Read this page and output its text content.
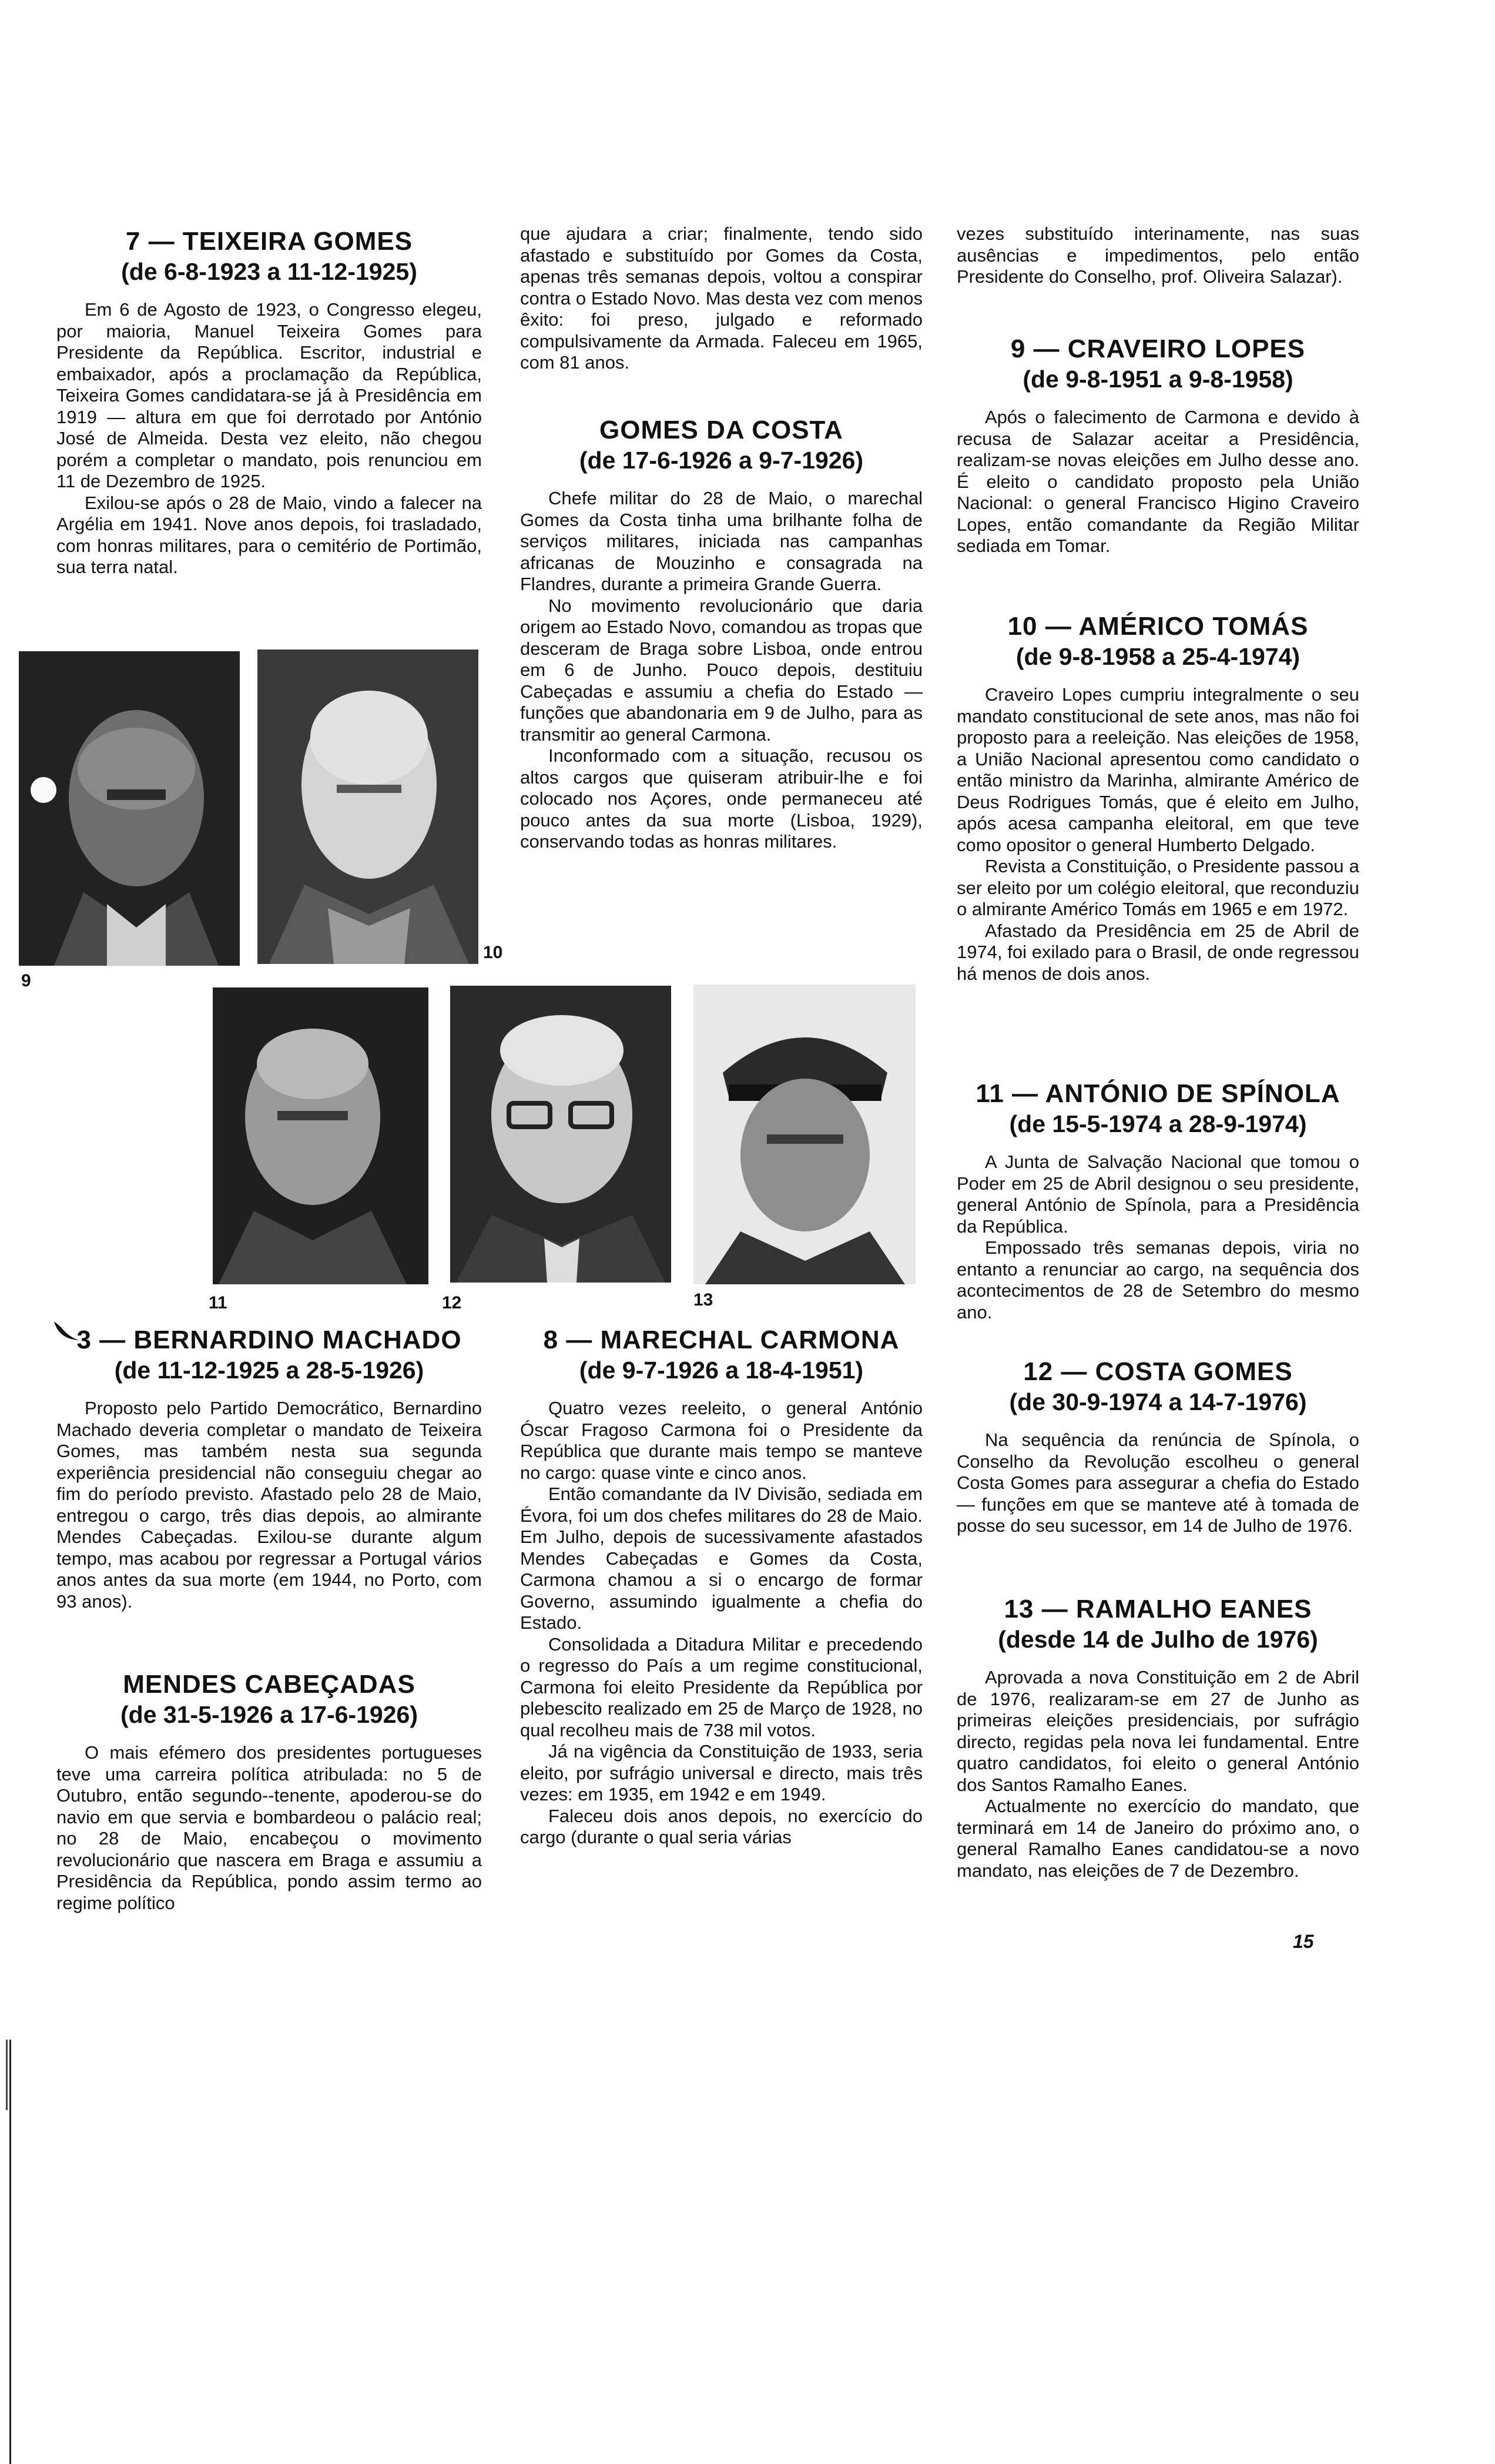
7 — TEIXEIRA GOMES
(de 6-8-1923 a 11-12-1925)

Em 6 de Agosto de 1923, o Congresso elegeu, por maioria, Manuel Teixeira Gomes para Presidente da República. Escritor, industrial e embaixador, após a proclamação da República, Teixeira Gomes candidatara-se já à Presidência em 1919 — altura em que foi derrotado por António José de Almeida. Desta vez eleito, não chegou porém a completar o mandato, pois renunciou em 11 de Dezembro de 1925.

Exilou-se após o 28 de Maio, vindo a falecer na Argélia em 1941. Nove anos depois, foi trasladado, com honras militares, para o cemitério de Portimão, sua terra natal.

9
10
11	12	13
3 — BERNARDINO MACHADO
(de 11-12-1925 a 28-5-1926)

Proposto pelo Partido Democrático, Bernardino Machado deveria completar o mandato de Teixeira Gomes, mas também nesta sua segunda experiência presidencial não conseguiu chegar ao fim do período previsto. Afastado pelo 28 de Maio, entregou o cargo, três dias depois, ao almirante Mendes Cabeçadas. Exilou-se durante algum tempo, mas acabou por regressar a Portugal vários anos antes da sua morte (em 1944, no Porto, com 93 anos).

MENDES CABEÇADAS
(de 31-5-1926 a 17-6-1926)

O mais efémero dos presidentes portugueses teve uma carreira política atribulada: no 5 de Outubro, então segundo--tenente, apoderou-se do navio em que servia e bombardeou o palácio real; no 28 de Maio, encabeçou o movimento revolucionário que nascera em Braga e assumiu a Presidência da República, pondo assim termo ao regime político

que ajudara a criar; finalmente, tendo sido afastado e substituído por Gomes da Costa, apenas três semanas depois, voltou a conspirar contra o Estado Novo. Mas desta vez com menos êxito: foi preso, julgado e reformado compulsivamente da Armada. Faleceu em 1965, com 81 anos.

GOMES DA COSTA
(de 17-6-1926 a 9-7-1926)

Chefe militar do 28 de Maio, o marechal Gomes da Costa tinha uma brilhante folha de serviços militares, iniciada nas campanhas africanas de Mouzinho e consagrada na Flandres, durante a primeira Grande Guerra.

No movimento revolucionário que daria origem ao Estado Novo, comandou as tropas que desceram de Braga sobre Lisboa, onde entrou em 6 de Junho. Pouco depois, destituiu Cabeçadas e assumiu a chefia do Estado — funções que abandonaria em 9 de Julho, para as transmitir ao general Carmona.

Inconformado com a situação, recusou os altos cargos que quiseram atribuir-lhe e foi colocado nos Açores, onde permaneceu até pouco antes da sua morte (Lisboa, 1929), conservando todas as honras militares.

8 — MARECHAL CARMONA
(de 9-7-1926 a 18-4-1951)

Quatro vezes reeleito, o general António Óscar Fragoso Carmona foi o Presidente da República que durante mais tempo se manteve no cargo: quase vinte e cinco anos.

Então comandante da IV Divisão, sediada em Évora, foi um dos chefes militares do 28 de Maio. Em Julho, depois de sucessivamente afastados Mendes Cabeçadas e Gomes da Costa, Carmona chamou a si o encargo de formar Governo, assumindo igualmente a chefia do Estado.

Consolidada a Ditadura Militar e precedendo o regresso do País a um regime constitucional, Carmona foi eleito Presidente da República por plebescito realizado em 25 de Março de 1928, no qual recolheu mais de 738 mil votos.

Já na vigência da Constituição de 1933, seria eleito, por sufrágio universal e directo, mais três vezes: em 1935, em 1942 e em 1949.

Faleceu dois anos depois, no exercício do cargo (durante o qual seria várias

vezes substituído interinamente, nas suas ausências e impedimentos, pelo então Presidente do Conselho, prof. Oliveira Salazar).

9 — CRAVEIRO LOPES
(de 9-8-1951 a 9-8-1958)

Após o falecimento de Carmona e devido à recusa de Salazar aceitar a Presidência, realizam-se novas eleições em Julho desse ano. É eleito o candidato proposto pela União Nacional: o general Francisco Higino Craveiro Lopes, então comandante da Região Militar sediada em Tomar.

10 — AMÉRICO TOMÁS
(de 9-8-1958 a 25-4-1974)

Craveiro Lopes cumpriu integralmente o seu mandato constitucional de sete anos, mas não foi proposto para a reeleição. Nas eleições de 1958, a União Nacional apresentou como candidato o então ministro da Marinha, almirante Américo de Deus Rodrigues Tomás, que é eleito em Julho, após acesa campanha eleitoral, em que teve como opositor o general Humberto Delgado.

Revista a Constituição, o Presidente passou a ser eleito por um colégio eleitoral, que reconduziu o almirante Américo Tomás em 1965 e em 1972.

Afastado da Presidência em 25 de Abril de 1974, foi exilado para o Brasil, de onde regressou há menos de dois anos.

11 — ANTÓNIO DE SPÍNOLA
(de 15-5-1974 a 28-9-1974)

A Junta de Salvação Nacional que tomou o Poder em 25 de Abril designou o seu presidente, general António de Spínola, para a Presidência da República.

Empossado três semanas depois, viria no entanto a renunciar ao cargo, na sequência dos acontecimentos de 28 de Setembro do mesmo ano.

12 — COSTA GOMES
(de 30-9-1974 a 14-7-1976)

Na sequência da renúncia de Spínola, o Conselho da Revolução escolheu o general Costa Gomes para assegurar a chefia do Estado — funções em que se manteve até à tomada de posse do seu sucessor, em 14 de Julho de 1976.

13 — RAMALHO EANES
(desde 14 de Julho de 1976)

Aprovada a nova Constituição em 2 de Abril de 1976, realizaram-se em 27 de Junho as primeiras eleições presidenciais, por sufrágio directo, regidas pela nova lei fundamental. Entre quatro candidatos, foi eleito o general António dos Santos Ramalho Eanes.

Actualmente no exercício do mandato, que terminará em 14 de Janeiro do próximo ano, o general Ramalho Eanes candidatou-se a novo mandato, nas eleições de 7 de Dezembro.

15
